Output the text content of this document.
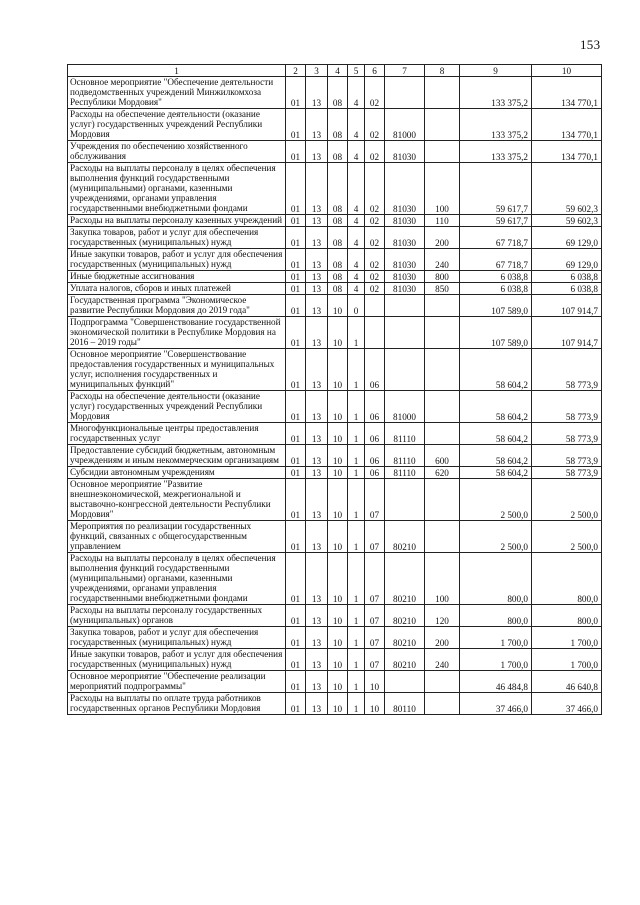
153
1	2	3	4	5	6	7	8	9	10
Основное мероприятие "Обеспечение деятельности подведомственных учреждений Минжилкомхоза Республики Мордовия"	01	13	08	4	02			133 375,2	134 770,1
Расходы на обеспечение деятельности (оказание услуг) государственных учреждений Республики Мордовия	01	13	08	4	02	81000		133 375,2	134 770,1
Учреждения по обеспечению хозяйственного обслуживания	01	13	08	4	02	81030		133 375,2	134 770,1
Расходы на выплаты персоналу в целях обеспечения выполнения функций государственными (муниципальными) органами, казенными учреждениями, органами управления государственными внебюджетными фондами	01	13	08	4	02	81030	100	59 617,7	59 602,3
Расходы на выплаты персоналу казенных учреждений	01	13	08	4	02	81030	110	59 617,7	59 602,3
Закупка товаров, работ и услуг для обеспечения государственных (муниципальных) нужд	01	13	08	4	02	81030	200	67 718,7	69 129,0
Иные закупки товаров, работ и услуг для обеспечения государственных (муниципальных) нужд	01	13	08	4	02	81030	240	67 718,7	69 129,0
Иные бюджетные ассигнования	01	13	08	4	02	81030	800	6 038,8	6 038,8
Уплата налогов, сборов и иных платежей	01	13	08	4	02	81030	850	6 038,8	6 038,8
Государственная программа "Экономическое развитие Республики Мордовия до 2019 года"	01	13	10	0				107 589,0	107 914,7
Подпрограмма "Совершенствование государственной экономической политики в Республике Мордовия на 2016 – 2019 годы"	01	13	10	1				107 589,0	107 914,7
Основное мероприятие "Совершенствование предоставления государственных и муниципальных услуг, исполнения государственных и муниципальных функций"	01	13	10	1	06			58 604,2	58 773,9
Расходы на обеспечение деятельности (оказание услуг) государственных учреждений Республики Мордовия	01	13	10	1	06	81000		58 604,2	58 773,9
Многофункциональные центры предоставления государственных услуг	01	13	10	1	06	81110		58 604,2	58 773,9
Предоставление субсидий бюджетным, автономным учреждениям и иным некоммерческим организациям	01	13	10	1	06	81110	600	58 604,2	58 773,9
Субсидии автономным учреждениям	01	13	10	1	06	81110	620	58 604,2	58 773,9
Основное мероприятие "Развитие внешнеэкономической, межрегиональной и выставочно-конгрессной деятельности Республики Мордовия"	01	13	10	1	07			2 500,0	2 500,0
Мероприятия по реализации государственных функций, связанных с общегосударственным управлением	01	13	10	1	07	80210		2 500,0	2 500,0
Расходы на выплаты персоналу в целях обеспечения выполнения функций государственными (муниципальными) органами, казенными учреждениями, органами управления государственными внебюджетными фондами	01	13	10	1	07	80210	100	800,0	800,0
Расходы на выплаты персоналу государственных (муниципальных) органов	01	13	10	1	07	80210	120	800,0	800,0
Закупка товаров, работ и услуг для обеспечения государственных (муниципальных) нужд	01	13	10	1	07	80210	200	1 700,0	1 700,0
Иные закупки товаров, работ и услуг для обеспечения государственных (муниципальных) нужд	01	13	10	1	07	80210	240	1 700,0	1 700,0
Основное мероприятие "Обеспечение реализации мероприятий подпрограммы"	01	13	10	1	10			46 484,8	46 640,8
Расходы на выплаты по оплате труда работников государственных органов Республики Мордовия	01	13	10	1	10	80110		37 466,0	37 466,0
